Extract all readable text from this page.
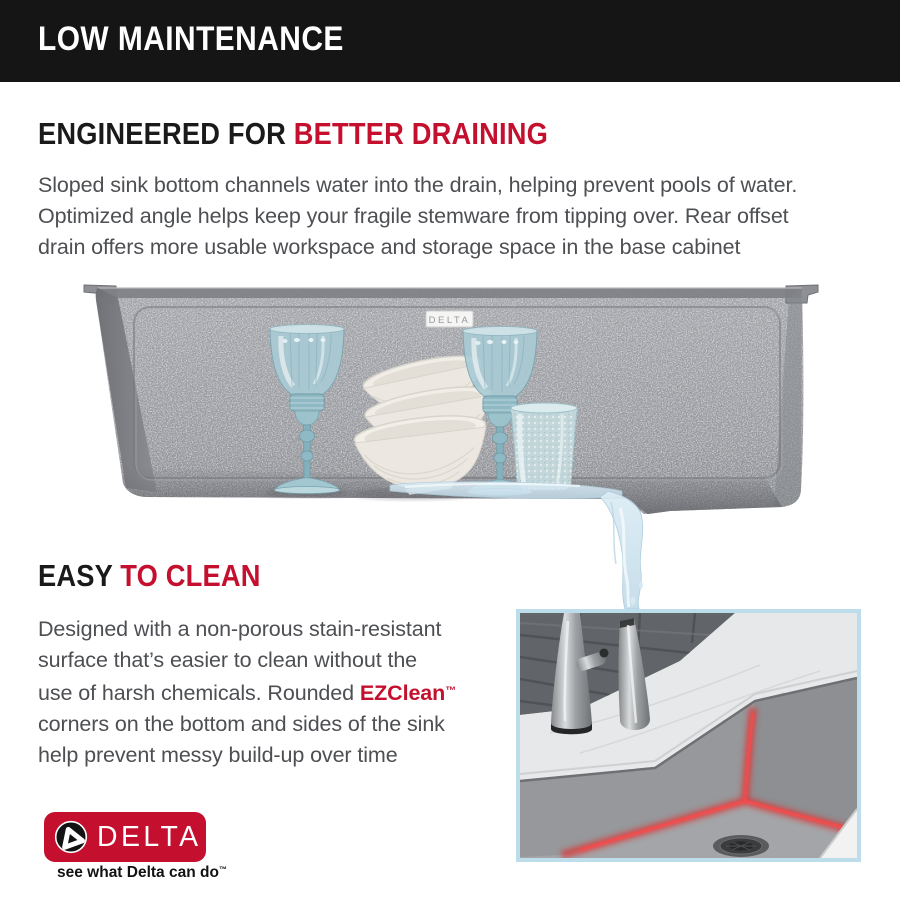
LOW MAINTENANCE
ENGINEERED FOR BETTER DRAINING
Sloped sink bottom channels water into the drain, helping prevent pools of water.
Optimized angle helps keep your fragile stemware from tipping over. Rear offset
drain offers more usable workspace and storage space in the base cabinet
DELTA
EASY TO CLEAN
Designed with a non-porous stain-resistant
surface that’s easier to clean without the
use of harsh chemicals. Rounded EZClean™
corners on the bottom and sides of the sink
help prevent messy build-up over time
DELTA
see what Delta can do™
